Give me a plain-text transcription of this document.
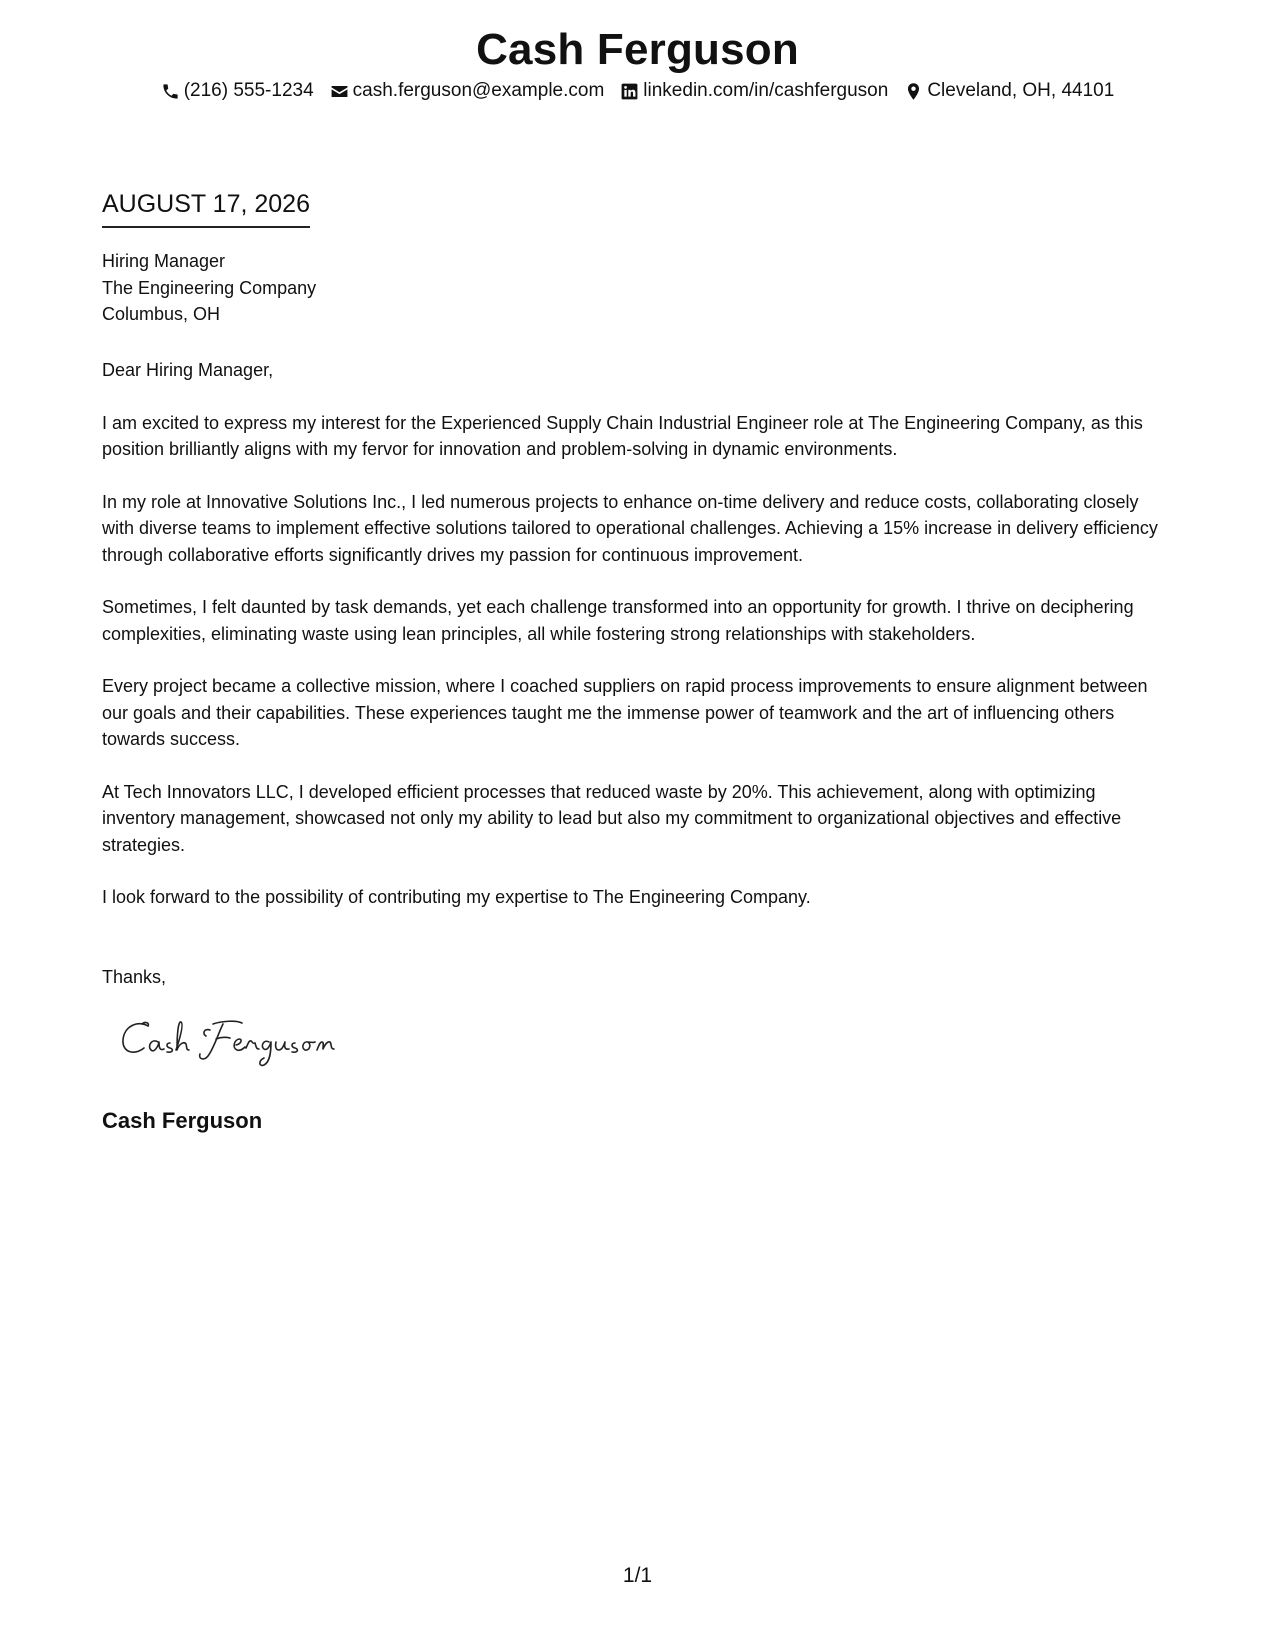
Cash Ferguson
(216) 555-1234 cash.ferguson@example.com linkedin.com/in/cashferguson Cleveland, OH, 44101
AUGUST 17, 2026
Hiring Manager
The Engineering Company
Columbus, OH

Dear Hiring Manager,

I am excited to express my interest for the Experienced Supply Chain Industrial Engineer role at The Engineering Company, as this position brilliantly aligns with my fervor for innovation and problem-solving in dynamic environments.

In my role at Innovative Solutions Inc., I led numerous projects to enhance on-time delivery and reduce costs, collaborating closely with diverse teams to implement effective solutions tailored to operational challenges. Achieving a 15% increase in delivery efficiency through collaborative efforts significantly drives my passion for continuous improvement.

Sometimes, I felt daunted by task demands, yet each challenge transformed into an opportunity for growth. I thrive on deciphering complexities, eliminating waste using lean principles, all while fostering strong relationships with stakeholders.

Every project became a collective mission, where I coached suppliers on rapid process improvements to ensure alignment between our goals and their capabilities. These experiences taught me the immense power of teamwork and the art of influencing others towards success.

At Tech Innovators LLC, I developed efficient processes that reduced waste by 20%. This achievement, along with optimizing inventory management, showcased not only my ability to lead but also my commitment to organizational objectives and effective strategies.

I look forward to the possibility of contributing my expertise to The Engineering Company.

Thanks,
Cash Ferguson
1/1
